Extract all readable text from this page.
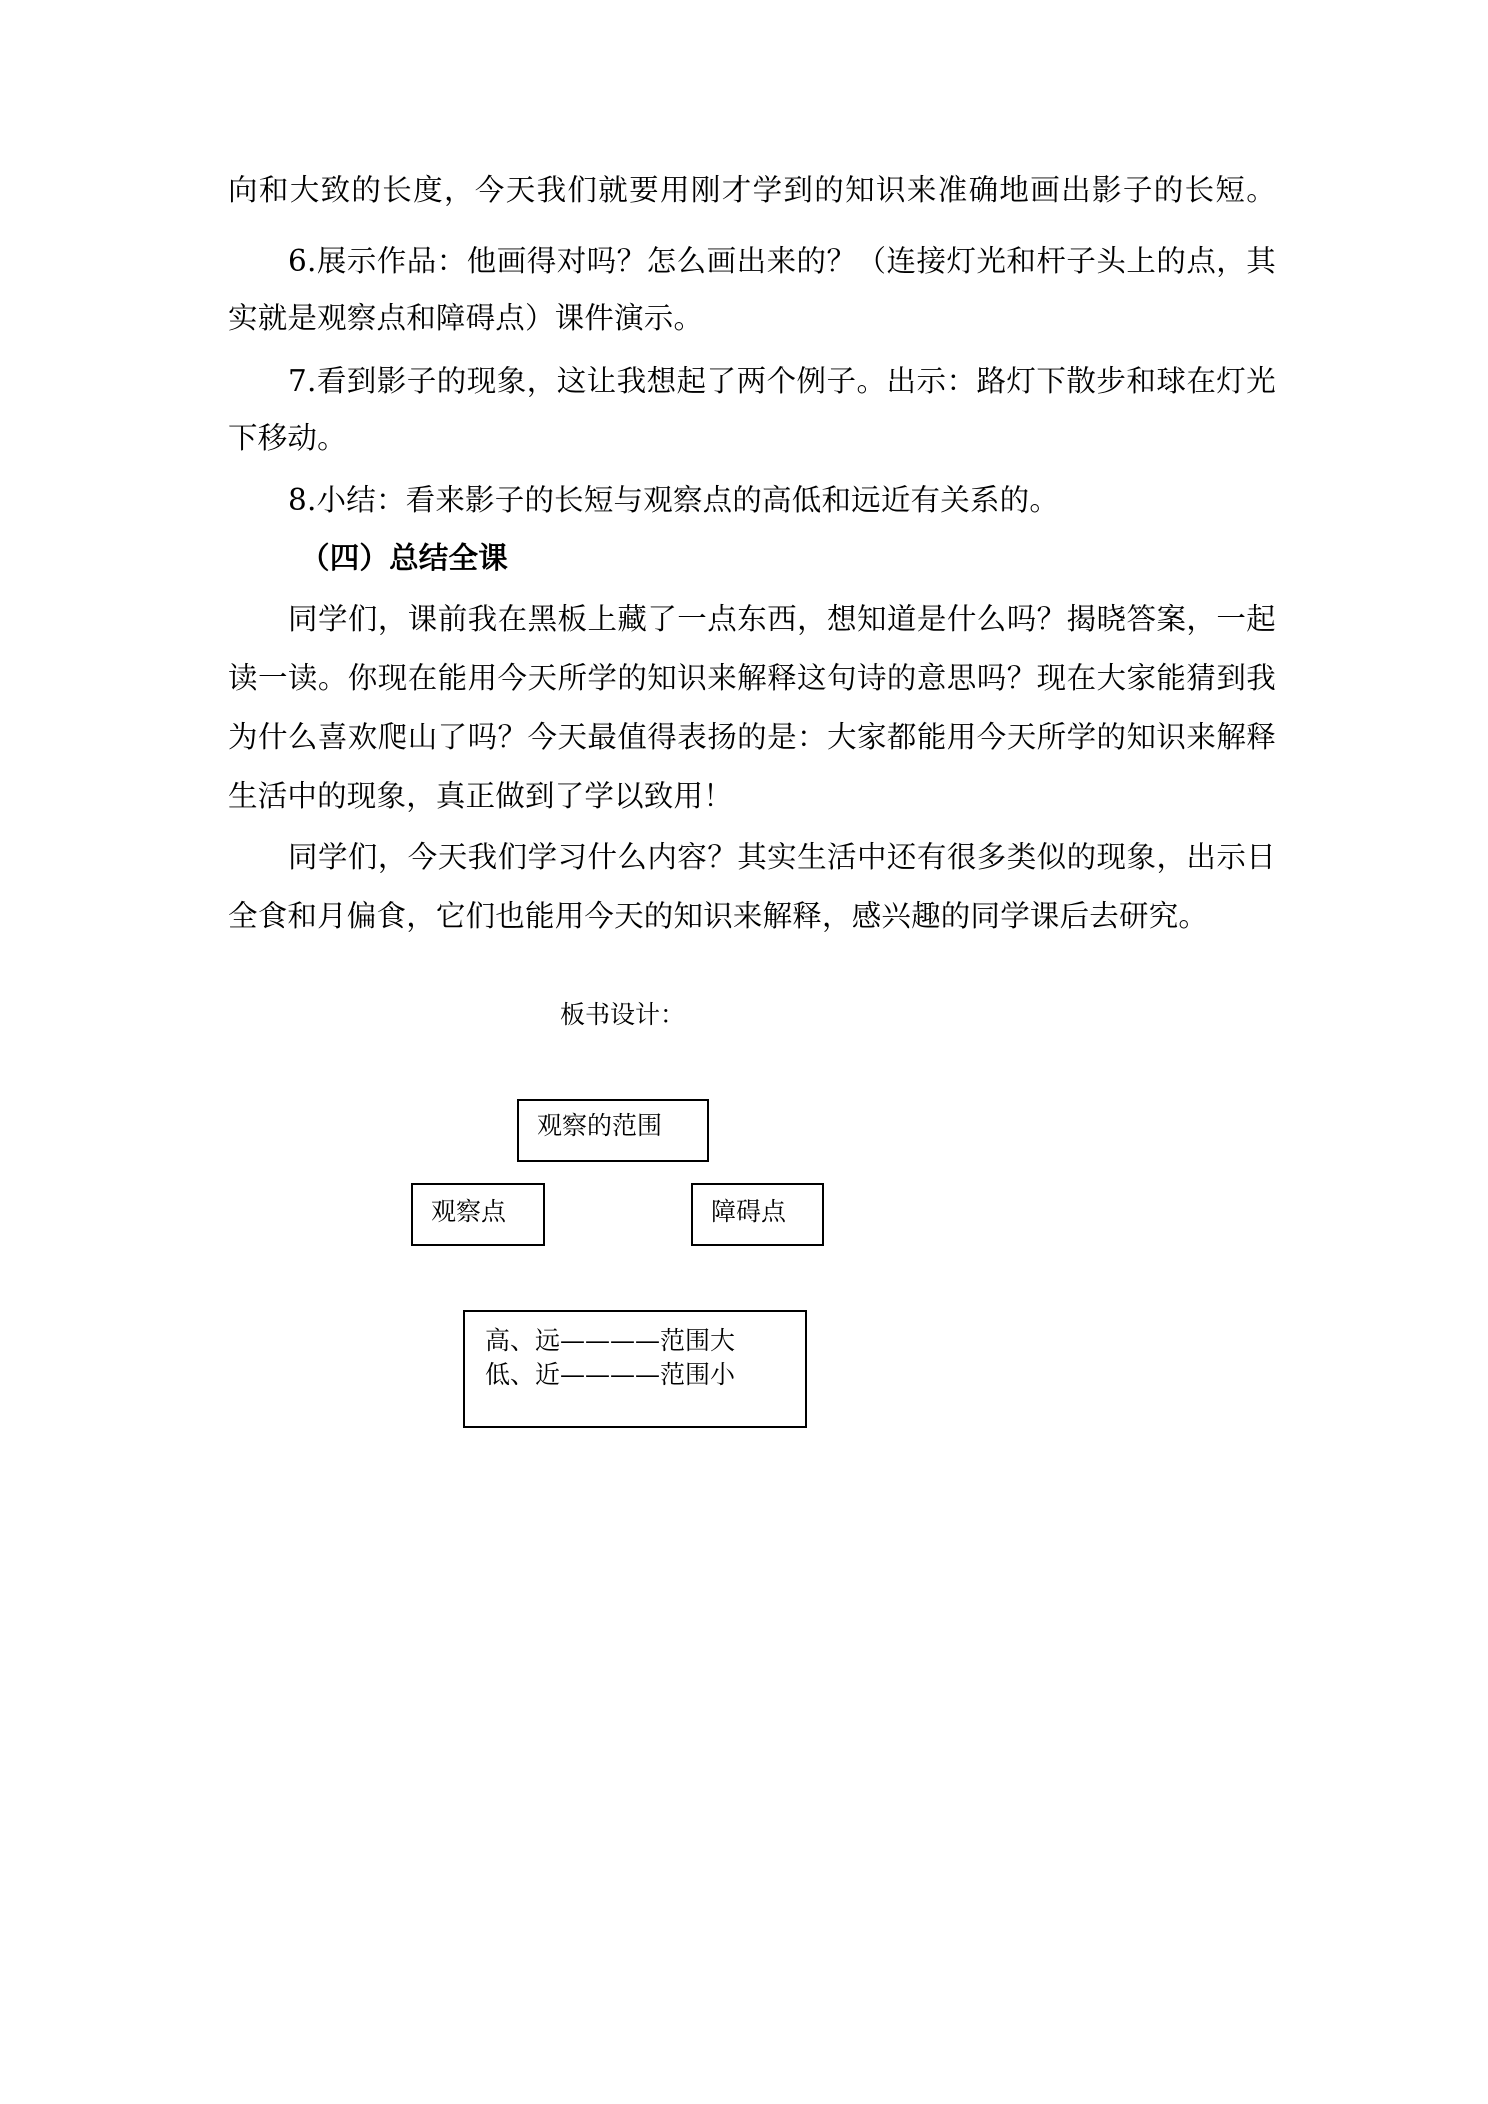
向和大致的长度，今天我们就要用刚才学到的知识来准确地画出影子的长短。
6.展示作品：他画得对吗？怎么画出来的？（连接灯光和杆子头上的点，其
实就是观察点和障碍点）课件演示。
7.看到影子的现象，这让我想起了两个例子。出示：路灯下散步和球在灯光
下移动。
8.小结：看来影子的长短与观察点的高低和远近有关系的。
（四）总结全课
同学们，课前我在黑板上藏了一点东西，想知道是什么吗？揭晓答案，一起
读一读。你现在能用今天所学的知识来解释这句诗的意思吗？现在大家能猜到我
为什么喜欢爬山了吗？今天最值得表扬的是：大家都能用今天所学的知识来解释
生活中的现象，真正做到了学以致用！
同学们，今天我们学习什么内容？其实生活中还有很多类似的现象，出示日
全食和月偏食，它们也能用今天的知识来解释，感兴趣的同学课后去研究。
板书设计：
观察的范围
观察点	障碍点
高、远————范围大
低、近————范围小
